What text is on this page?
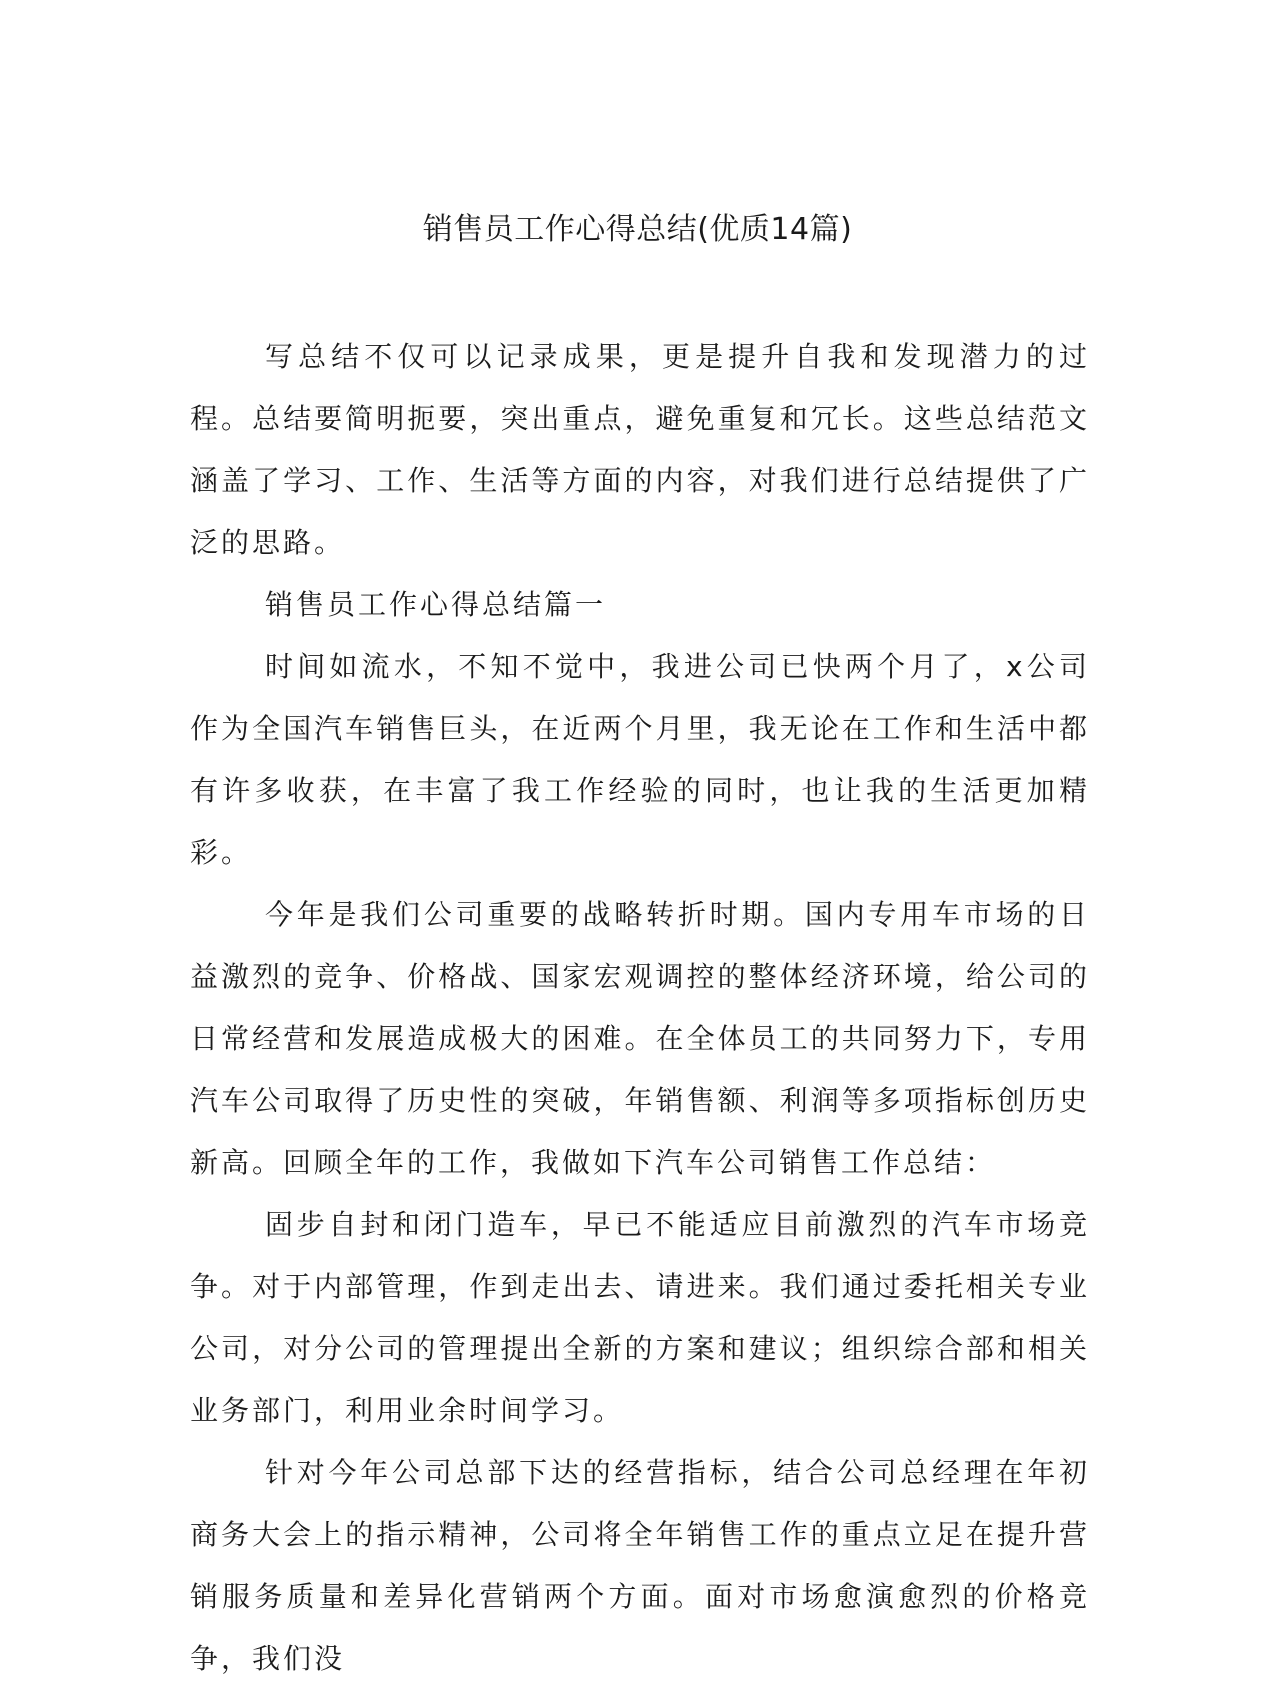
销售员工作心得总结(优质14篇)

写总结不仅可以记录成果，更是提升自我和发现潜力的过程。总结要简明扼要，突出重点，避免重复和冗长。这些总结范文涵盖了学习、工作、生活等方面的内容，对我们进行总结提供了广泛的思路。

销售员工作心得总结篇一

时间如流水，不知不觉中，我进公司已快两个月了，x公司作为全国汽车销售巨头，在近两个月里，我无论在工作和生活中都有许多收获，在丰富了我工作经验的同时，也让我的生活更加精彩。

今年是我们公司重要的战略转折时期。国内专用车市场的日益激烈的竞争、价格战、国家宏观调控的整体经济环境，给公司的日常经营和发展造成极大的困难。在全体员工的共同努力下，专用汽车公司取得了历史性的突破，年销售额、利润等多项指标创历史新高。回顾全年的工作，我做如下汽车公司销售工作总结：

固步自封和闭门造车，早已不能适应目前激烈的汽车市场竞争。对于内部管理，作到走出去、请进来。我们通过委托相关专业公司，对分公司的管理提出全新的方案和建议；组织综合部和相关业务部门，利用业余时间学习。

针对今年公司总部下达的经营指标，结合公司总经理在年初商务大会上的指示精神，公司将全年销售工作的重点立足在提升营销服务质量和差异化营销两个方面。面对市场愈演愈烈的价格竞争，我们没
